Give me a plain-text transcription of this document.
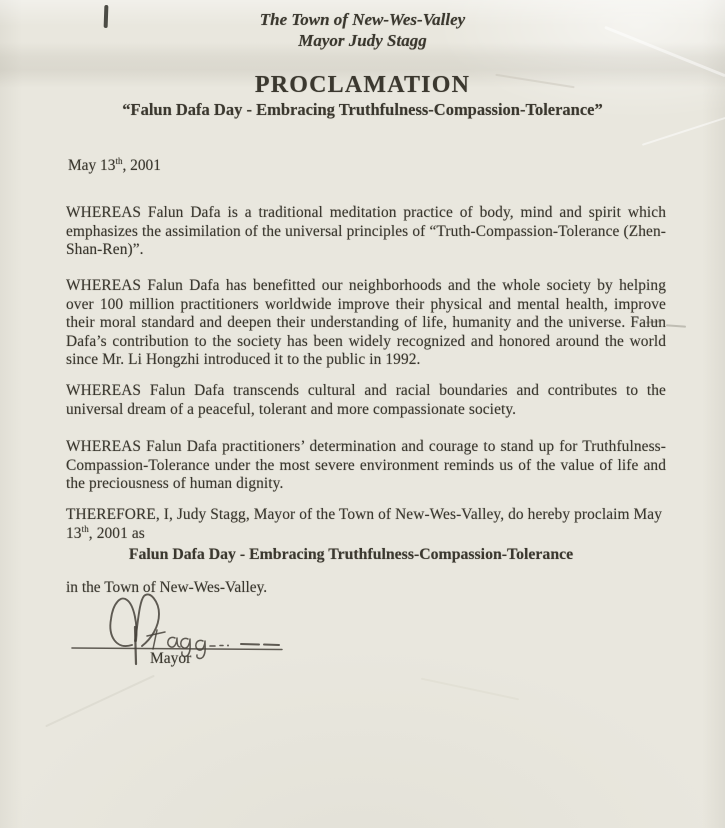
The Town of New-Wes-Valley
Mayor Judy Stagg
PROCLAMATION
“Falun Dafa Day - Embracing Truthfulness-Compassion-Tolerance”
May 13th, 2001

WHEREAS Falun Dafa is a traditional meditation practice of body, mind and spirit which emphasizes the assimilation of the universal principles of “Truth-Compassion-Tolerance (Zhen-Shan-Ren)”.

WHEREAS Falun Dafa has benefitted our neighborhoods and the whole society by helping over 100 million practitioners worldwide improve their physical and mental health, improve their moral standard and deepen their understanding of life, humanity and the universe. Falun Dafa’s contribution to the society has been widely recognized and honored around the world since Mr. Li Hongzhi introduced it to the public in 1992.

WHEREAS Falun Dafa transcends cultural and racial boundaries and contributes to the universal dream of a peaceful, tolerant and more compassionate society.

WHEREAS Falun Dafa practitioners’ determination and courage to stand up for Truthfulness-Compassion-Tolerance under the most severe environment reminds us of the value of life and the preciousness of human dignity.

THEREFORE, I, Judy Stagg, Mayor of the Town of New-Wes-Valley, do hereby proclaim May 13th, 2001 as

Falun Dafa Day - Embracing Truthfulness-Compassion-Tolerance
in the Town of New-Wes-Valley.
Mayor
